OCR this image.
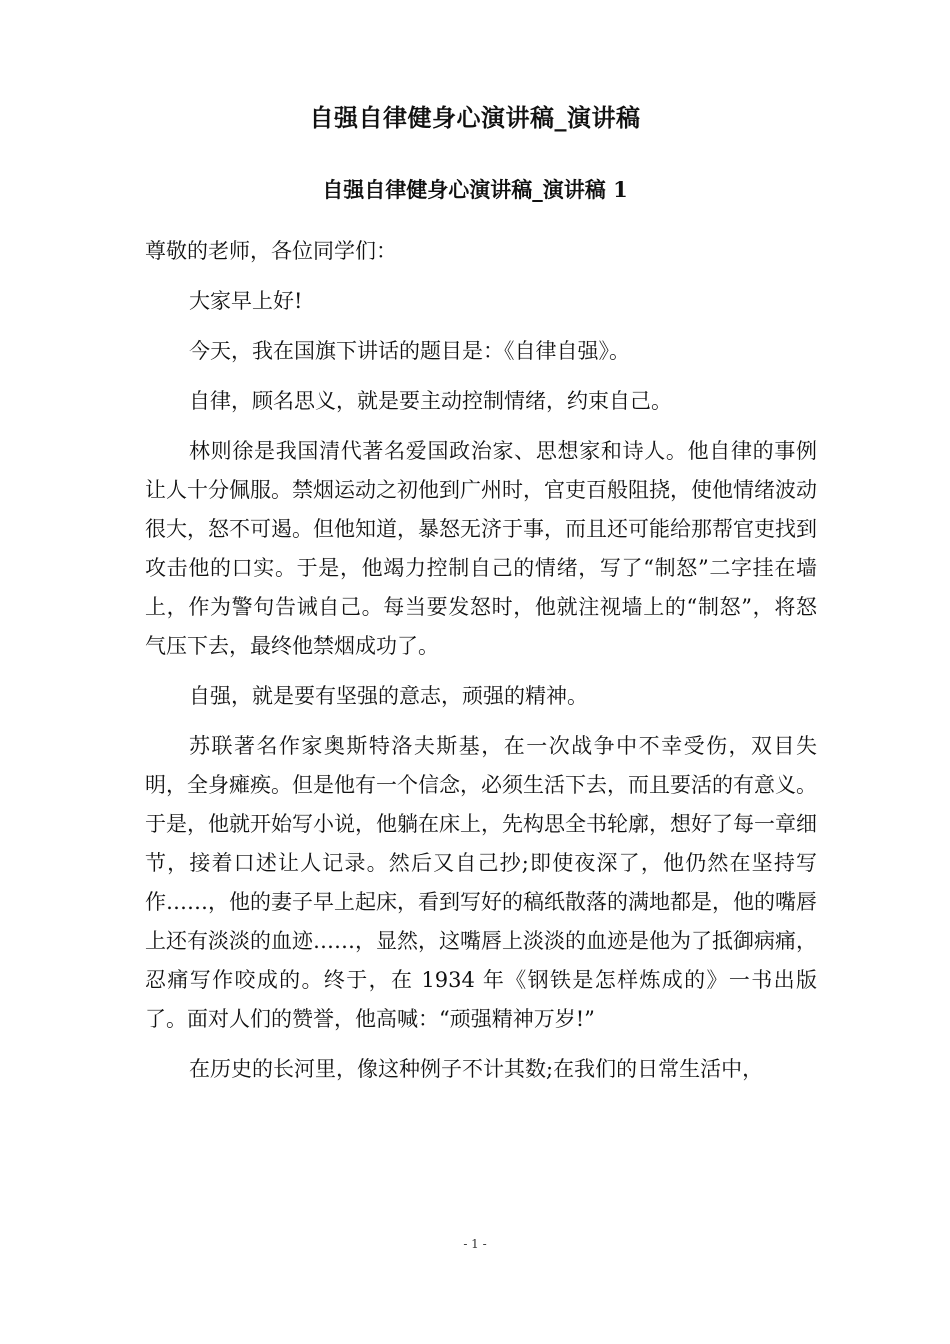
自强自律健身心演讲稿_演讲稿
自强自律健身心演讲稿_演讲稿 1

尊敬的老师，各位同学们：

大家早上好!

今天，我在国旗下讲话的题目是：《自律自强》。

自律，顾名思义，就是要主动控制情绪，约束自己。

林则徐是我国清代著名爱国政治家、思想家和诗人。他自律的事例让人十分佩服。禁烟运动之初他到广州时，官吏百般阻挠，使他情绪波动很大，怒不可遏。但他知道，暴怒无济于事，而且还可能给那帮官吏找到攻击他的口实。于是，他竭力控制自己的情绪，写了“制怒”二字挂在墙上，作为警句告诫自己。每当要发怒时，他就注视墙上的“制怒”，将怒气压下去，最终他禁烟成功了。

自强，就是要有坚强的意志，顽强的精神。

苏联著名作家奥斯特洛夫斯基，在一次战争中不幸受伤，双目失明，全身瘫痪。但是他有一个信念，必须生活下去，而且要活的有意义。于是，他就开始写小说，他躺在床上，先构思全书轮廓，想好了每一章细节，接着口述让人记录。然后又自己抄;即使夜深了，他仍然在坚持写作……，他的妻子早上起床，看到写好的稿纸散落的满地都是，他的嘴唇上还有淡淡的血迹……，显然，这嘴唇上淡淡的血迹是他为了抵御病痛，忍痛写作咬成的。终于，在 1934 年《钢铁是怎样炼成的》一书出版了。面对人们的赞誉，他高喊：“顽强精神万岁!”

在历史的长河里，像这种例子不计其数;在我们的日常生活中，

- 1 -
